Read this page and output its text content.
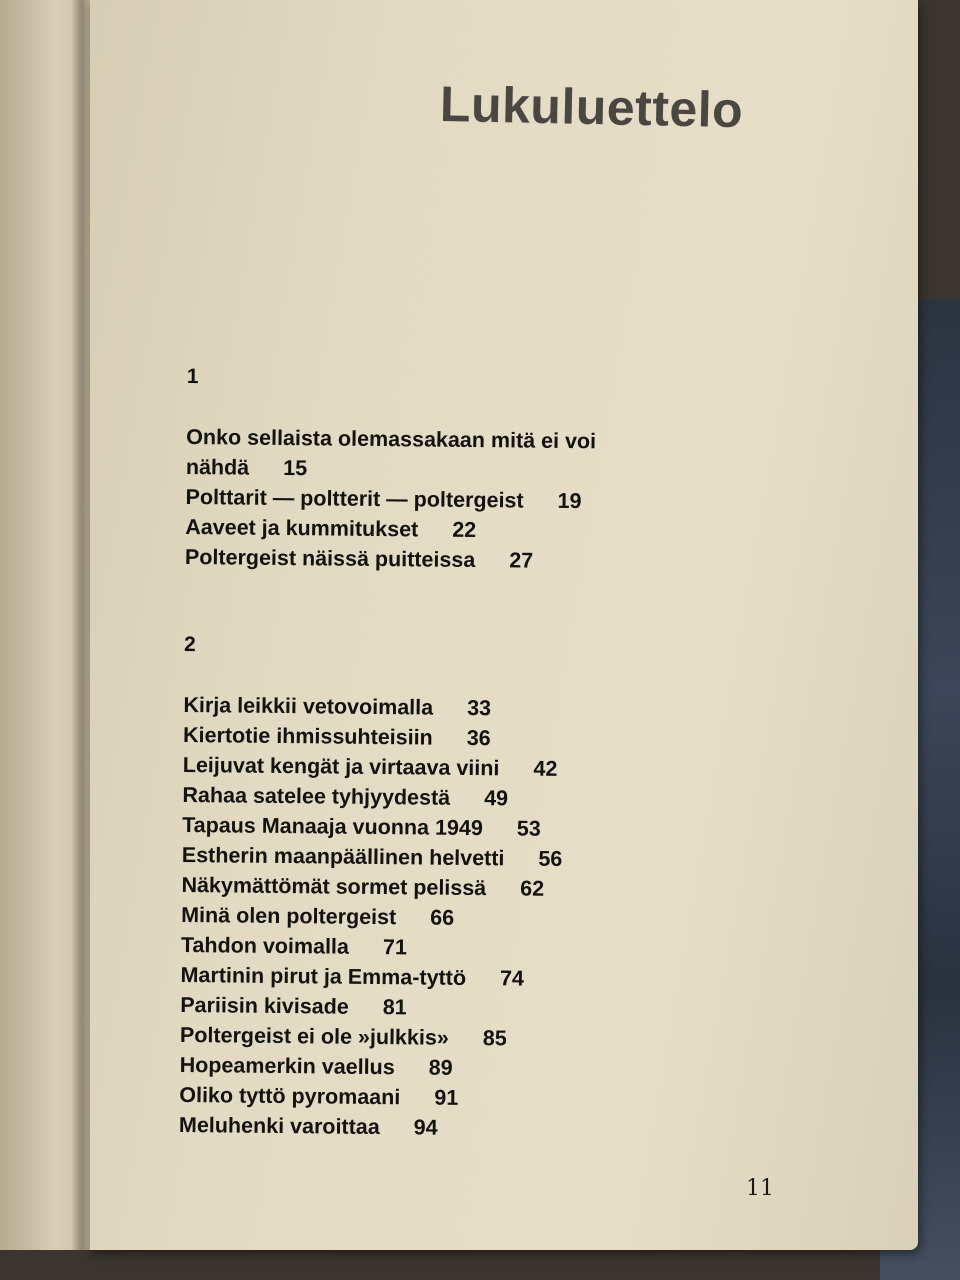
Lukuluettelo
1
Onko sellaista olemassakaan mitä ei voi
nähdä 15
Polttarit — poltterit — poltergeist 19
Aaveet ja kummitukset 22
Poltergeist näissä puitteissa 27
2
Kirja leikkii vetovoimalla 33
Kiertotie ihmissuhteisiin 36
Leijuvat kengät ja virtaava viini 42
Rahaa satelee tyhjyydestä 49
Tapaus Manaaja vuonna 1949 53
Estherin maanpäällinen helvetti 56
Näkymättömät sormet pelissä 62
Minä olen poltergeist 66
Tahdon voimalla 71
Martinin pirut ja Emma-tyttö 74
Pariisin kivisade 81
Poltergeist ei ole »julkkis» 85
Hopeamerkin vaellus 89
Oliko tyttö pyromaani 91
Meluhenki varoittaa 94

11
